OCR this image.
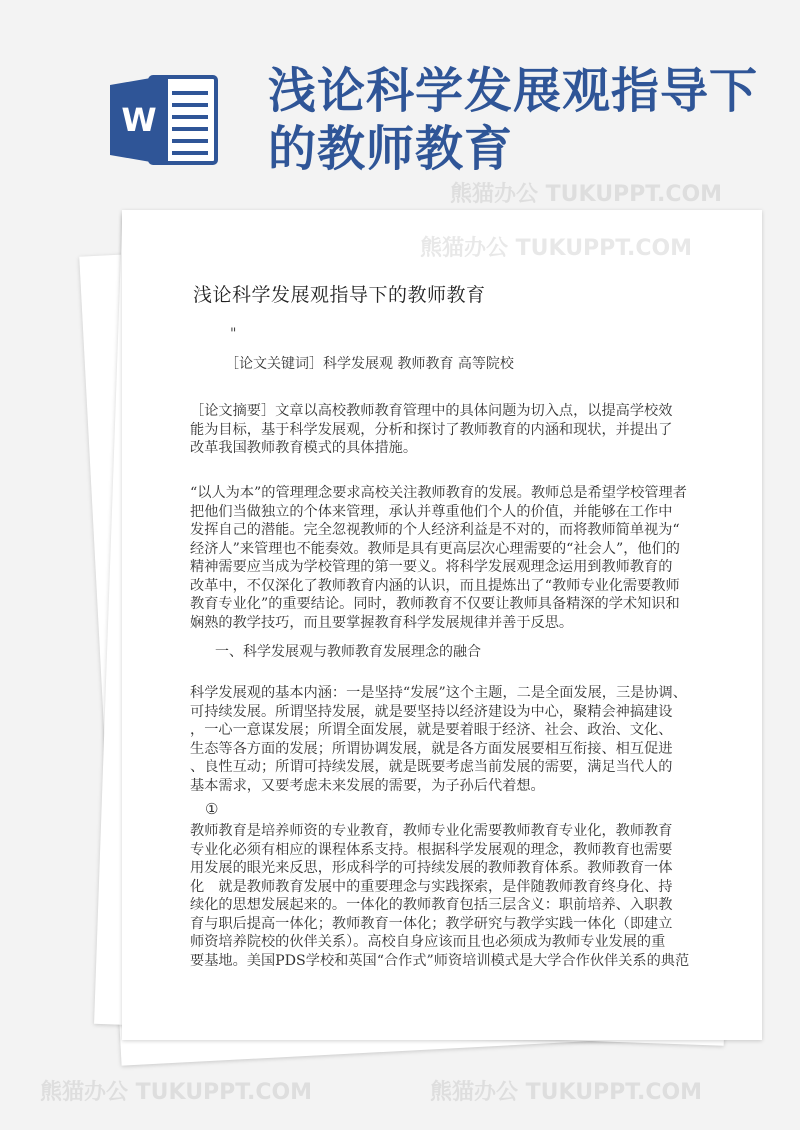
W
浅论科学发展观指导下
的教师教育
浅论科学发展观指导下的教师教育
"
［论文关键词］科学发展观 教师教育 高等院校
［论文摘要］文章以高校教师教育管理中的具体问题为切入点，以提高学校效
能为目标，基于科学发展观，分析和探讨了教师教育的内涵和现状，并提出了
改革我国教师教育模式的具体措施。
“以人为本”的管理理念要求高校关注教师教育的发展。教师总是希望学校管理者
把他们当做独立的个体来管理，承认并尊重他们个人的价值，并能够在工作中
发挥自己的潜能。完全忽视教师的个人经济利益是不对的，而将教师简单视为“
经济人”来管理也不能奏效。教师是具有更高层次心理需要的“社会人”，他们的
精神需要应当成为学校管理的第一要义。将科学发展观理念运用到教师教育的
改革中，不仅深化了教师教育内涵的认识，而且提炼出了“教师专业化需要教师
教育专业化”的重要结论。同时，教师教育不仅要让教师具备精深的学术知识和
娴熟的教学技巧，而且要掌握教育科学发展规律并善于反思。
一、科学发展观与教师教育发展理念的融合
科学发展观的基本内涵：一是坚持“发展”这个主题，二是全面发展，三是协调、
可持续发展。所谓坚持发展，就是要坚持以经济建设为中心，聚精会神搞建设
，一心一意谋发展；所谓全面发展，就是要着眼于经济、社会、政治、文化、
生态等各方面的发展；所谓协调发展，就是各方面发展要相互衔接、相互促进
、良性互动；所谓可持续发展，就是既要考虑当前发展的需要，满足当代人的
基本需求，又要考虑未来发展的需要，为子孙后代着想。
①
教师教育是培养师资的专业教育，教师专业化需要教师教育专业化，教师教育
专业化必须有相应的课程体系支持。根据科学发展观的理念，教师教育也需要
用发展的眼光来反思，形成科学的可持续发展的教师教育体系。教师教育一体
化　就是教师教育发展中的重要理念与实践探索，是伴随教师教育终身化、持
续化的思想发展起来的。一体化的教师教育包括三层含义：职前培养、入职教
育与职后提高一体化；教师教育一体化；教学研究与教学实践一体化（即建立
师资培养院校的伙伴关系）。高校自身应该而且也必须成为教师专业发展的重
要基地。美国PDS学校和英国“合作式”师资培训模式是大学合作伙伴关系的典范
熊猫办公 TUKUPPT.COM
熊猫办公 TUKUPPT.COM
熊猫办公 TUKUPPT.COM	熊猫办公 TUKUPPT.COM
